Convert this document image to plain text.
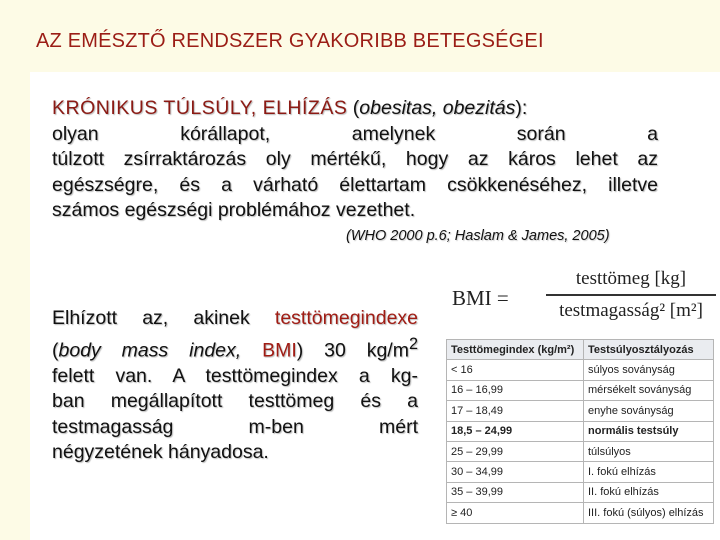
AZ EMÉSZTŐ RENDSZER GYAKORIBB BETEGSÉGEI
KRÓNIKUS TÚLSÚLY, ELHÍZÁS (obesitas, obezitás):
olyan kórállapot, amelynek során a
túlzott zsírraktározás oly mértékű, hogy az káros lehet az
egészségre, és a várható élettartam csökkenéséhez, illetve
számos egészségi problémához vezethet.
(WHO 2000 p.6; Haslam & James, 2005)
Elhízott az, akinek testtömegindexe
(body mass index, BMI) 30 $kg/m^2$
felett van. A testtömegindex a kg-
ban megállapított testtömeg és a
testmagasság m-ben mért
négyzetének hányadosa.
BMI =
testtömeg [kg]
testmagasság² [m²]
Testtömegindex (kg/m²)	Testsúlyosztályozás
< 16	súlyos soványság
16 – 16,99	mérsékelt soványság
17 – 18,49	enyhe soványság
18,5 – 24,99	normális testsúly
25 – 29,99	túlsúlyos
30 – 34,99	I. fokú elhízás
35 – 39,99	II. fokú elhízás
≥ 40	III. fokú (súlyos) elhízás
